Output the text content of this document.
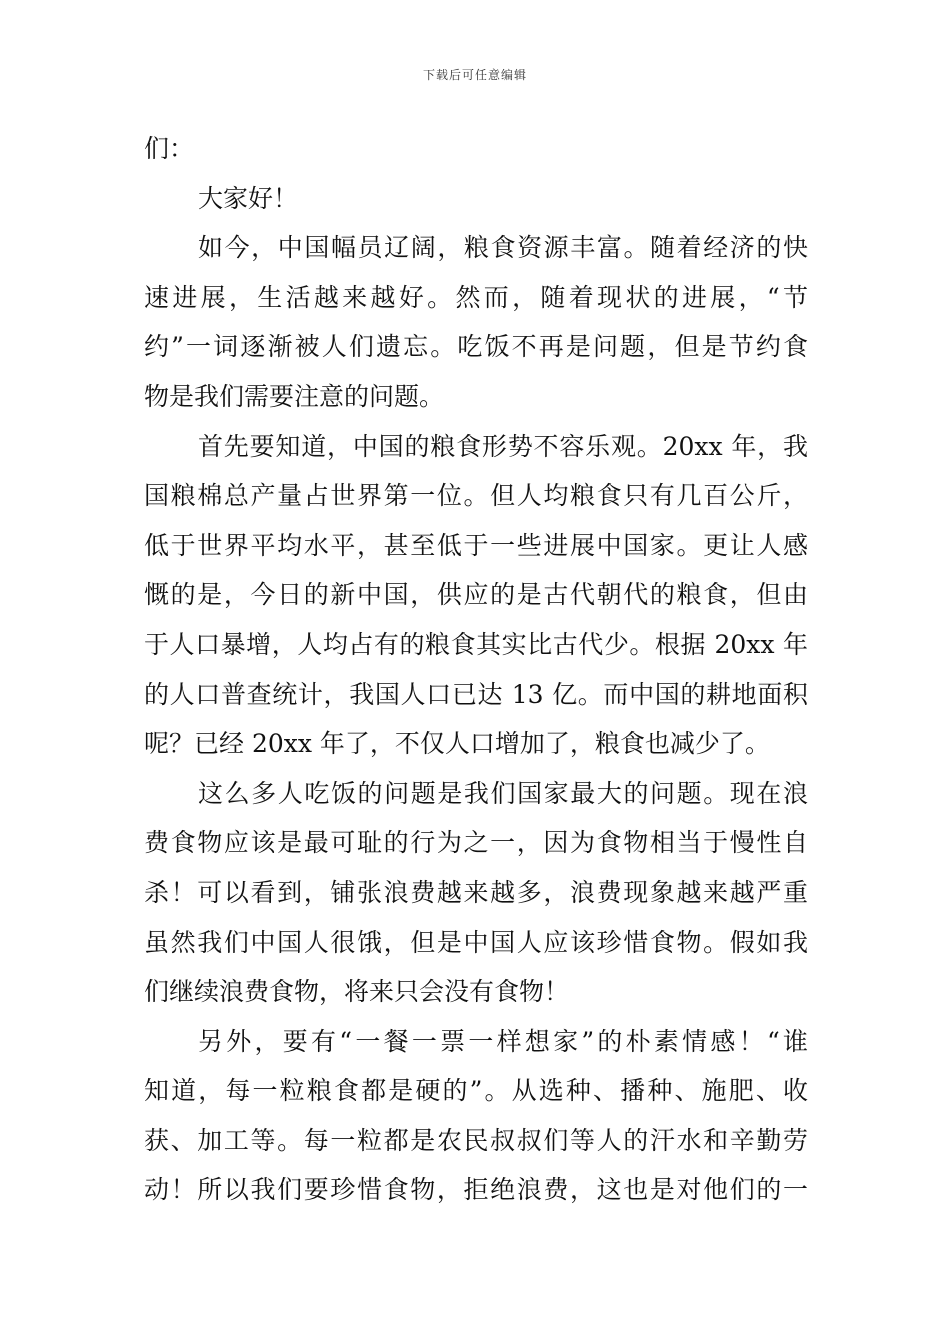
下载后可任意编辑
们：
大家好！
如今，中国幅员辽阔，粮食资源丰富。随着经济的快
速进展，生活越来越好。然而，随着现状的进展，“节
约”一词逐渐被人们遗忘。吃饭不再是问题，但是节约食
物是我们需要注意的问题。
首先要知道，中国的粮食形势不容乐观。20xx 年，我
国粮棉总产量占世界第一位。但人均粮食只有几百公斤，
低于世界平均水平，甚至低于一些进展中国家。更让人感
慨的是，今日的新中国，供应的是古代朝代的粮食，但由
于人口暴增，人均占有的粮食其实比古代少。根据 20xx 年
的人口普查统计，我国人口已达 13 亿。而中国的耕地面积
呢？已经 20xx 年了，不仅人口增加了，粮食也减少了。
这么多人吃饭的问题是我们国家最大的问题。现在浪
费食物应该是最可耻的行为之一，因为食物相当于慢性自
杀！可以看到，铺张浪费越来越多，浪费现象越来越严重
虽然我们中国人很饿，但是中国人应该珍惜食物。假如我
们继续浪费食物，将来只会没有食物！
另外，要有“一餐一票一样想家”的朴素情感！“谁
知道，每一粒粮食都是硬的”。从选种、播种、施肥、收
获、加工等。每一粒都是农民叔叔们等人的汗水和辛勤劳
动！所以我们要珍惜食物，拒绝浪费，这也是对他们的一
